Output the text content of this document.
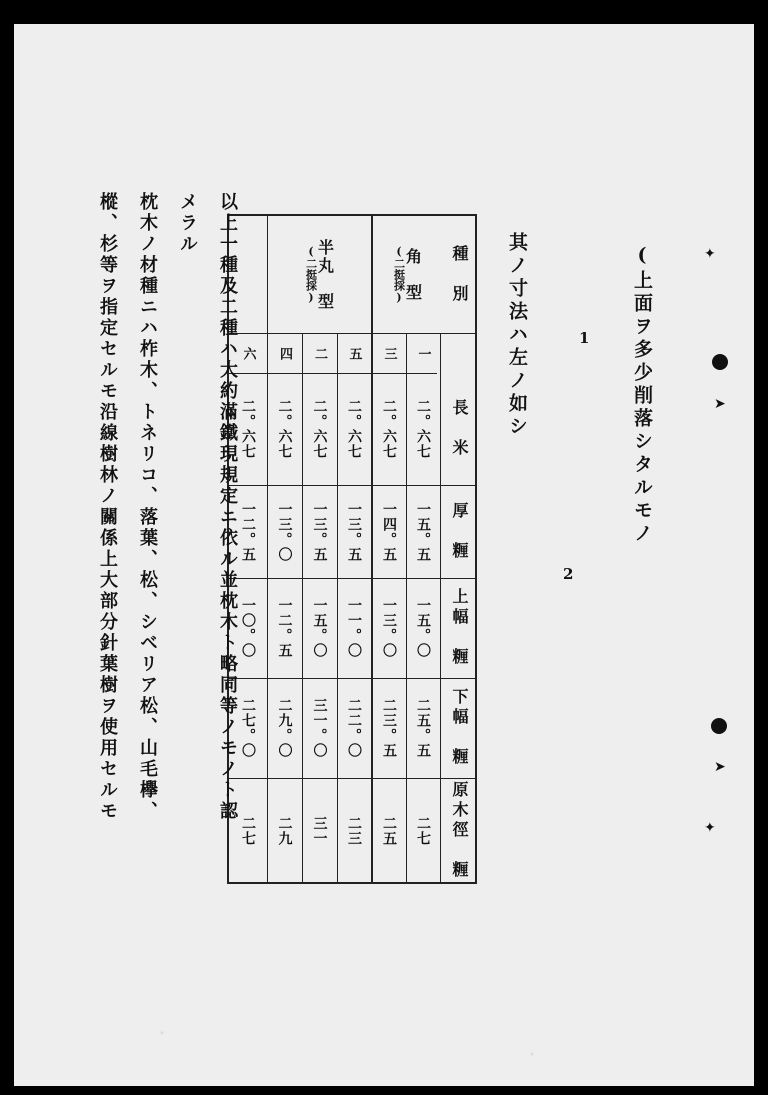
(上面ヲ多少削落シタルモノ
1
2
其ノ寸法ハ左ノ如シ	✦
➤
➤
✦
種　別
長　米
厚　糎
上幅　糎
下幅　糎
原木徑　糎
角　型
(二挺採)
半丸　型
(二挺採)
一
三
五
二。六七
二。六七
二。六七
一五。五
一四。五
一三。五
一五。〇
一三。〇
一一。〇
二五。五
二三。五
二二。〇
二七
二五
二三
二
四
六
二。六七
二。六七
二。六七
一三。五
一三。〇
一二。五
一五。〇
一二。五
一〇。〇
三一。〇
二九。〇
二七。〇
三一
二九
二七
以上一種及二種ハ大約滿鐵現規定ニ依ル並枕木ト略同等ノモノト認
メラル
枕木ノ材種ニハ柞木、トネリコ、落葉、松、シベリア松、山毛欅、
樅、杉等ヲ指定セルモ沿線樹林ノ關係上大部分針葉樹ヲ使用セルモ
